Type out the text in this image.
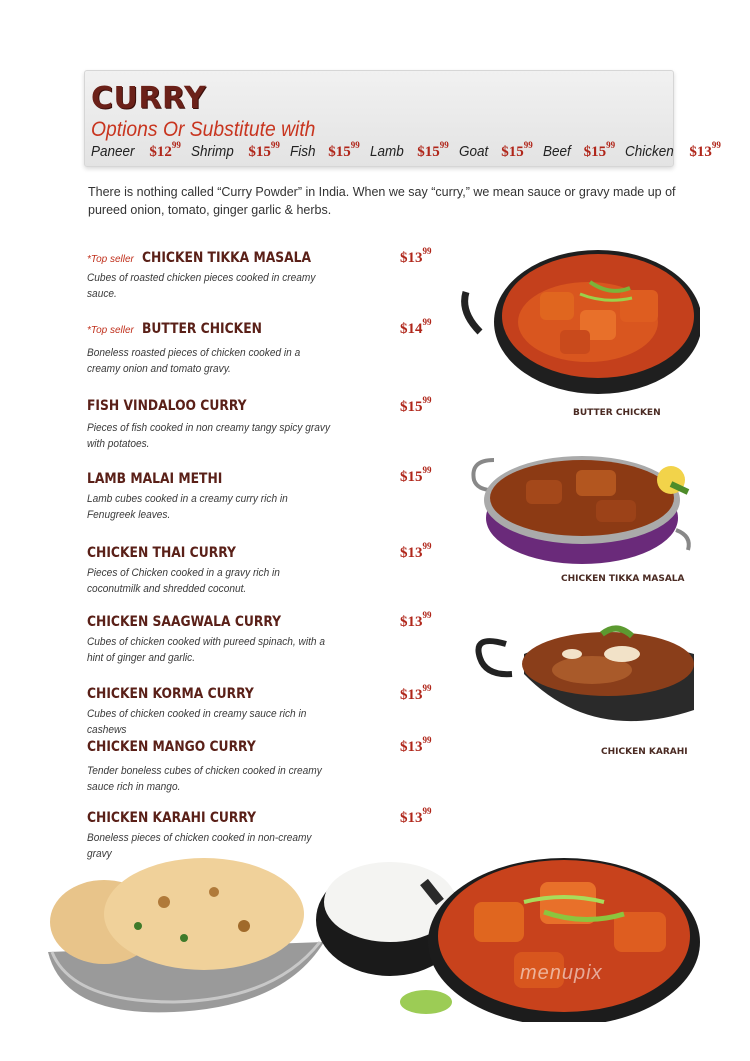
CURRY
Options Or Substitute with
Paneer $\$12^{99}$ Shrimp $\$15^{99}$ Fish $\$15^{99}$ Lamb $\$15^{99}$ Goat $\$15^{99}$ Beef $\$15^{99}$ Chicken $\$13^{99}$
There is nothing called “Curry Powder” in India. When we say “curry,” we mean sauce or gravy made up of pureed onion, tomato, ginger garlic & herbs.
*Top seller CHICKEN TIKKA MASALA
Cubes of roasted chicken pieces cooked in creamy sauce.
$\$13^{99}$
*Top seller BUTTER CHICKEN
Boneless roasted pieces of chicken cooked in a creamy onion and tomato gravy.
$\$14^{99}$
FISH VINDALOO CURRY
Pieces of fish cooked in non creamy tangy spicy gravy with potatoes.
$\$15^{99}$
LAMB MALAI METHI
Lamb cubes cooked in a creamy curry rich in Fenugreek leaves.
$\$15^{99}$
CHICKEN THAI CURRY
Pieces of Chicken cooked in a gravy rich in coconutmilk and shredded coconut.
$\$13^{99}$
CHICKEN SAAGWALA CURRY
Cubes of chicken cooked with pureed spinach, with a hint of ginger and garlic.
$\$13^{99}$
CHICKEN KORMA CURRY
Cubes of chicken cooked in creamy sauce rich in cashews
$\$13^{99}$
CHICKEN MANGO CURRY
Tender boneless cubes of chicken cooked in creamy sauce rich in mango.
$\$13^{99}$
CHICKEN KARAHI CURRY
Boneless pieces of chicken cooked in non-creamy gravy
$\$13^{99}$
BUTTER CHICKEN
CHICKEN TIKKA MASALA
CHICKEN KARAHI
menupix
